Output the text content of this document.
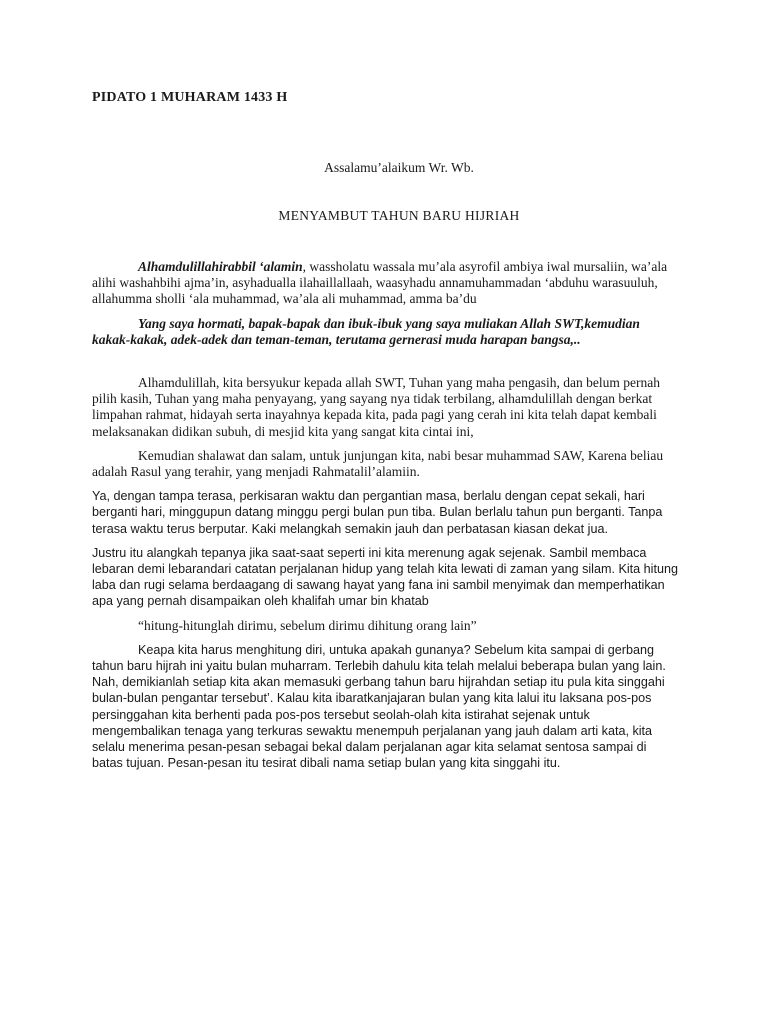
PIDATO 1 MUHARAM 1433 H
Assalamu’alaikum Wr. Wb.
MENYAMBUT TAHUN BARU HIJRIAH

Alhamdulillahirabbil ‘alamin, wassholatu wassala mu’ala asyrofil ambiya iwal mursaliin, wa’ala alihi washahbihi ajma’in, asyhadualla ilahaillallaah, waasyhadu annamuhammadan ‘abduhu warasuuluh, allahumma sholli ‘ala muhammad, wa’ala ali muhammad, amma ba’du

Yang saya hormati, bapak-bapak dan ibuk-ibuk yang saya muliakan Allah SWT,kemudian kakak-kakak, adek-adek dan teman-teman, terutama gernerasi muda harapan bangsa,..

Alhamdulillah, kita bersyukur kepada allah SWT, Tuhan yang maha pengasih, dan belum pernah pilih kasih, Tuhan yang maha penyayang, yang sayang nya tidak terbilang, alhamdulillah dengan berkat limpahan rahmat, hidayah serta inayahnya kepada kita, pada pagi yang cerah ini kita telah dapat kembali melaksanakan didikan subuh, di mesjid kita yang sangat kita cintai ini,

Kemudian shalawat dan salam, untuk junjungan kita, nabi besar muhammad SAW, Karena beliau adalah Rasul yang terahir, yang menjadi Rahmatalil’alamiin.

Ya, dengan tampa terasa, perkisaran waktu dan pergantian masa, berlalu dengan cepat sekali, hari berganti hari, minggupun datang minggu pergi bulan pun tiba. Bulan berlalu tahun pun berganti. Tanpa terasa waktu terus berputar. Kaki melangkah semakin jauh dan perbatasan kiasan dekat jua.

Justru itu alangkah tepanya jika saat-saat seperti ini kita merenung agak sejenak. Sambil membaca lebaran demi lebarandari catatan perjalanan hidup yang telah kita lewati di zaman yang silam. Kita hitung laba dan rugi selama berdaagang di sawang hayat yang fana ini sambil menyimak dan memperhatikan apa yang pernah disampaikan oleh khalifah umar bin khatab

“hitung-hitunglah dirimu, sebelum dirimu dihitung orang lain”

Keapa kita harus menghitung diri, untuka apakah gunanya? Sebelum kita sampai di gerbang tahun baru hijrah ini yaitu bulan muharram. Terlebih dahulu kita telah melalui beberapa bulan yang lain. Nah, demikianlah setiap kita akan memasuki gerbang tahun baru hijrahdan setiap itu pula kita singgahi bulan-bulan pengantar tersebut’. Kalau kita ibaratkanjajaran bulan yang kita lalui itu laksana pos-pos persinggahan kita berhenti pada pos-pos tersebut seolah-olah kita istirahat sejenak untuk mengembalikan tenaga yang terkuras sewaktu menempuh perjalanan yang jauh dalam arti kata, kita selalu menerima pesan-pesan sebagai bekal dalam perjalanan agar kita selamat sentosa sampai di batas tujuan. Pesan-pesan itu tesirat dibali nama setiap bulan yang kita singgahi itu.
